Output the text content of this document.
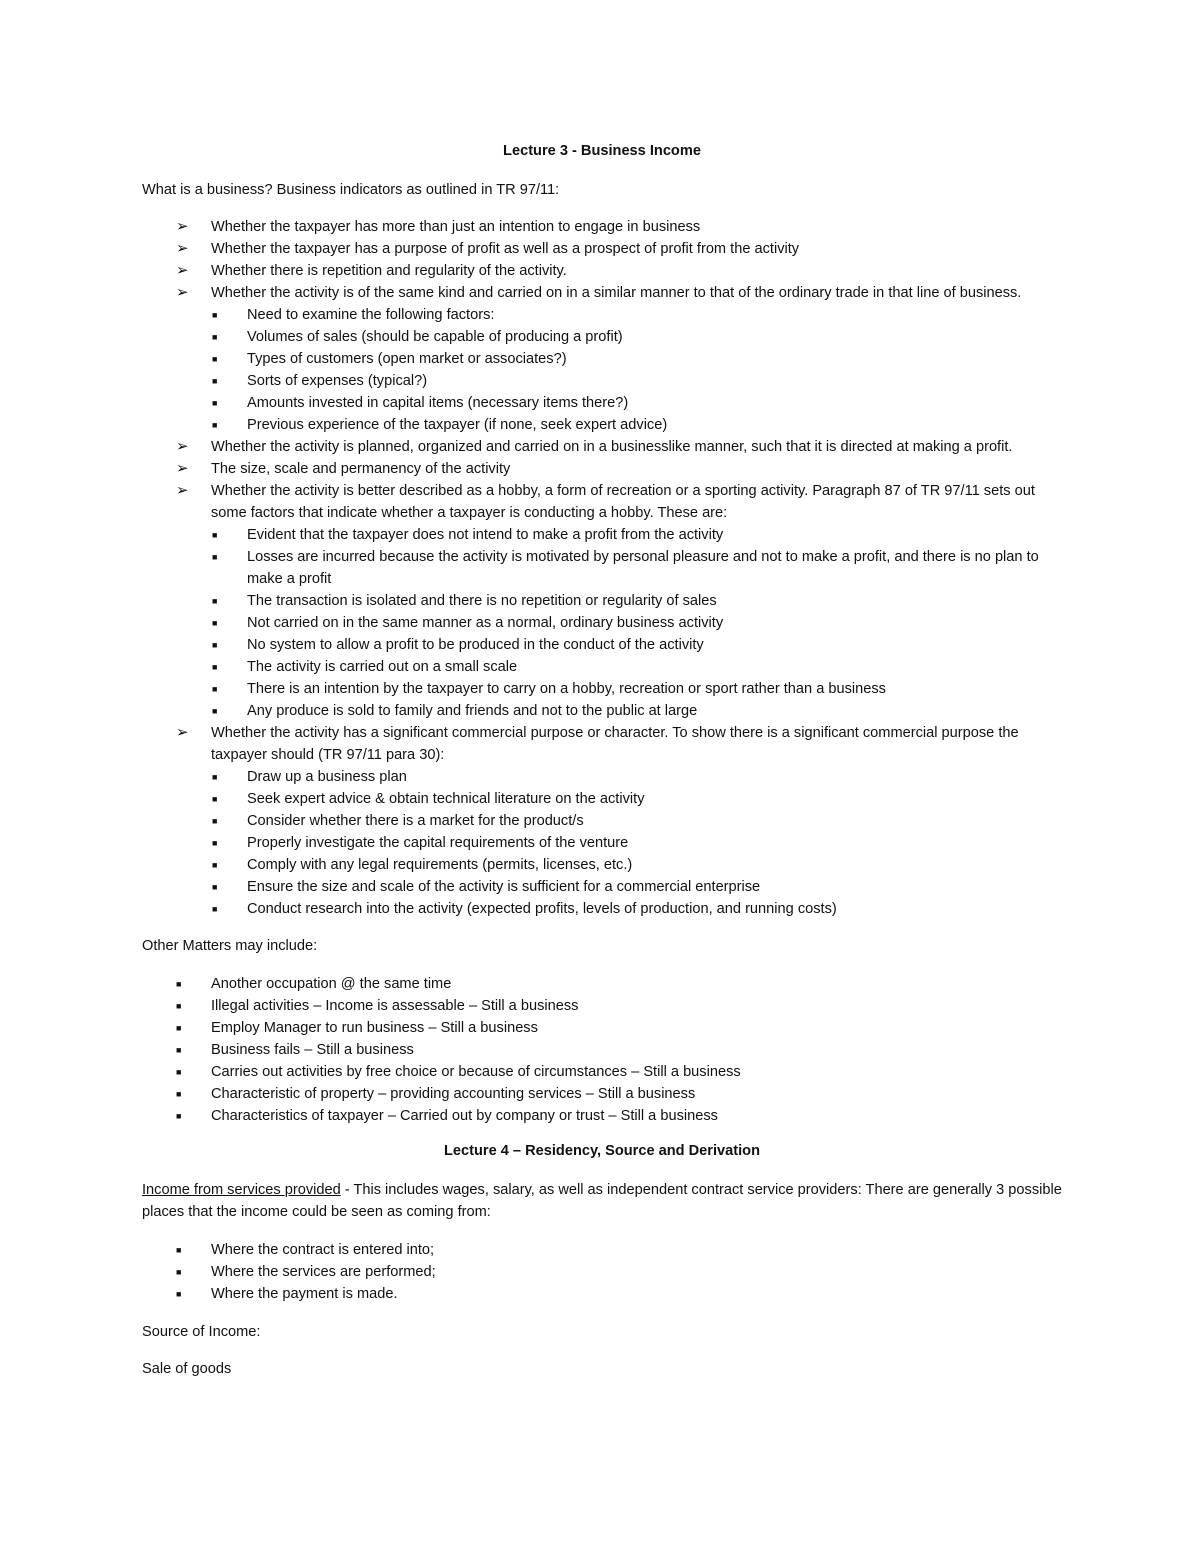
Lecture 3 - Business Income
What is a business? Business indicators as outlined in TR 97/11:
➢ Whether the taxpayer has more than just an intention to engage in business
➢ Whether the taxpayer has a purpose of profit as well as a prospect of profit from the activity
➢ Whether there is repetition and regularity of the activity.
➢ Whether the activity is of the same kind and carried on in a similar manner to that of the ordinary trade in that line of business.
■ Need to examine the following factors:
■ Volumes of sales (should be capable of producing a profit)
■ Types of customers (open market or associates?)
■ Sorts of expenses (typical?)
■ Amounts invested in capital items (necessary items there?)
■ Previous experience of the taxpayer (if none, seek expert advice)
➢ Whether the activity is planned, organized and carried on in a businesslike manner, such that it is directed at making a profit.
➢ The size, scale and permanency of the activity
➢ Whether the activity is better described as a hobby, a form of recreation or a sporting activity. Paragraph 87 of TR 97/11 sets out some factors that indicate whether a taxpayer is conducting a hobby. These are:
■ Evident that the taxpayer does not intend to make a profit from the activity
■ Losses are incurred because the activity is motivated by personal pleasure and not to make a profit, and there is no plan to make a profit
■ The transaction is isolated and there is no repetition or regularity of sales
■ Not carried on in the same manner as a normal, ordinary business activity
■ No system to allow a profit to be produced in the conduct of the activity
■ The activity is carried out on a small scale
■ There is an intention by the taxpayer to carry on a hobby, recreation or sport rather than a business
■ Any produce is sold to family and friends and not to the public at large
➢ Whether the activity has a significant commercial purpose or character. To show there is a significant commercial purpose the taxpayer should (TR 97/11 para 30):
■ Draw up a business plan
■ Seek expert advice & obtain technical literature on the activity
■ Consider whether there is a market for the product/s
■ Properly investigate the capital requirements of the venture
■ Comply with any legal requirements (permits, licenses, etc.)
■ Ensure the size and scale of the activity is sufficient for a commercial enterprise
■ Conduct research into the activity (expected profits, levels of production, and running costs)
Other Matters may include:
■ Another occupation @ the same time
■ Illegal activities – Income is assessable – Still a business
■ Employ Manager to run business – Still a business
■ Business fails – Still a business
■ Carries out activities by free choice or because of circumstances – Still a business
■ Characteristic of property – providing accounting services – Still a business
■ Characteristics of taxpayer – Carried out by company or trust – Still a business
Lecture 4 – Residency, Source and Derivation
Income from services provided - This includes wages, salary, as well as independent contract service providers: There are generally 3 possible places that the income could be seen as coming from:
■ Where the contract is entered into;
■ Where the services are performed;
■ Where the payment is made.
Source of Income:
Sale of goods
